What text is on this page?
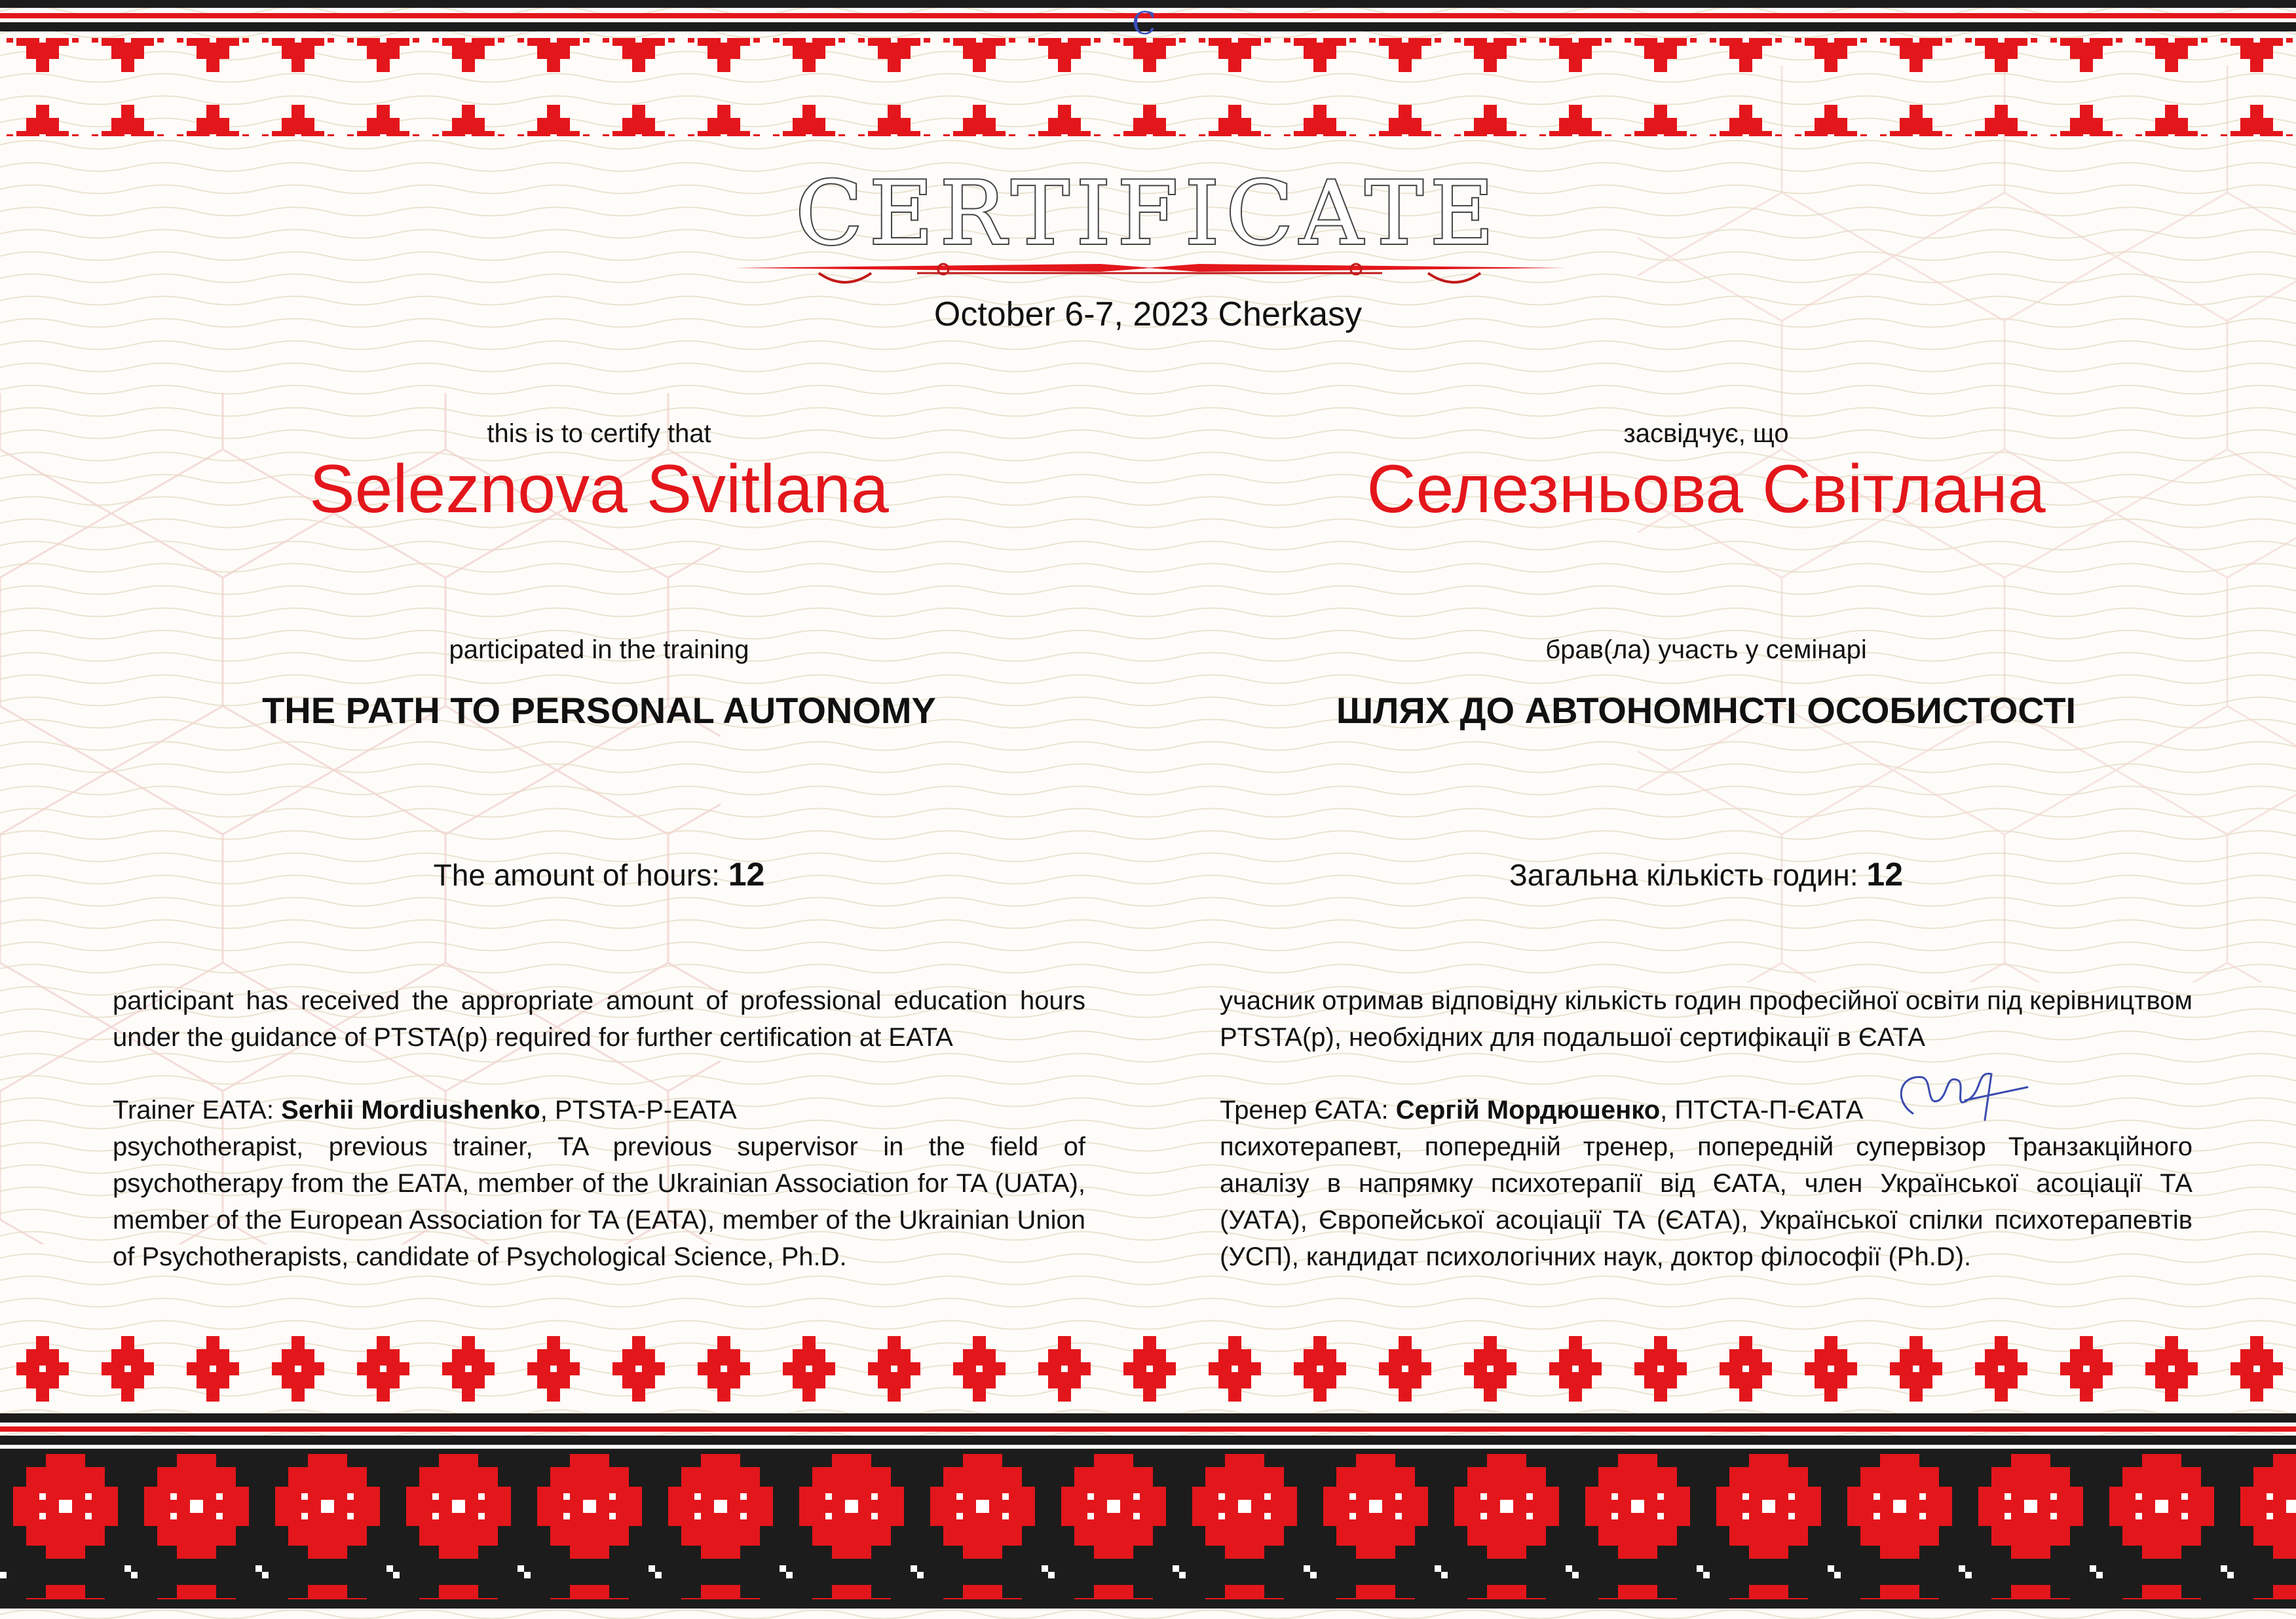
C
CERTIFICATE
October 6-7, 2023 Cherkasy
this is to certify that
Seleznova Svitlana
participated in the training
THE PATH TO PERSONAL AUTONOMY
The amount of hours: 12
participant has received the appropriate amount of professional education hours under the guidance of PTSTA(p) required for further certification at EATA
Trainer EATA: Serhii Mordiushenko, PTSTA-P-EATA
psychotherapist, previous trainer, TA previous supervisor in the field of psychotherapy from the EATA, member of the Ukrainian Association for TA (UATA), member of the European Association for TA (EATA), member of the Ukrainian Union of Psychotherapists, candidate of Psychological Science, Ph.D.
засвідчує, що
Селезньова Світлана
брав(ла) участь у семінарі
ШЛЯХ ДО АВТОНОМНСТІ ОСОБИСТОСТІ
Загальна кількість годин: 12
учасник отримав відповідну кількість годин професійної освіти під керівництвом PTSTA(р), необхідних для подальшої сертифікації в ЄАТА
Тренер ЄАТА: Сергій Мордюшенко, ПТСТА-П-ЄАТА
психотерапевт, попередній тренер, попередній супервізор Транзакційного аналізу в напрямку психотерапії від ЄАТА, член Української асоціації ТА (УАТА), Європейської асоціації ТА (ЄАТА), Української спілки психотерапевтів (УСП), кандидат психологічних наук, доктор філософії (Ph.D).
